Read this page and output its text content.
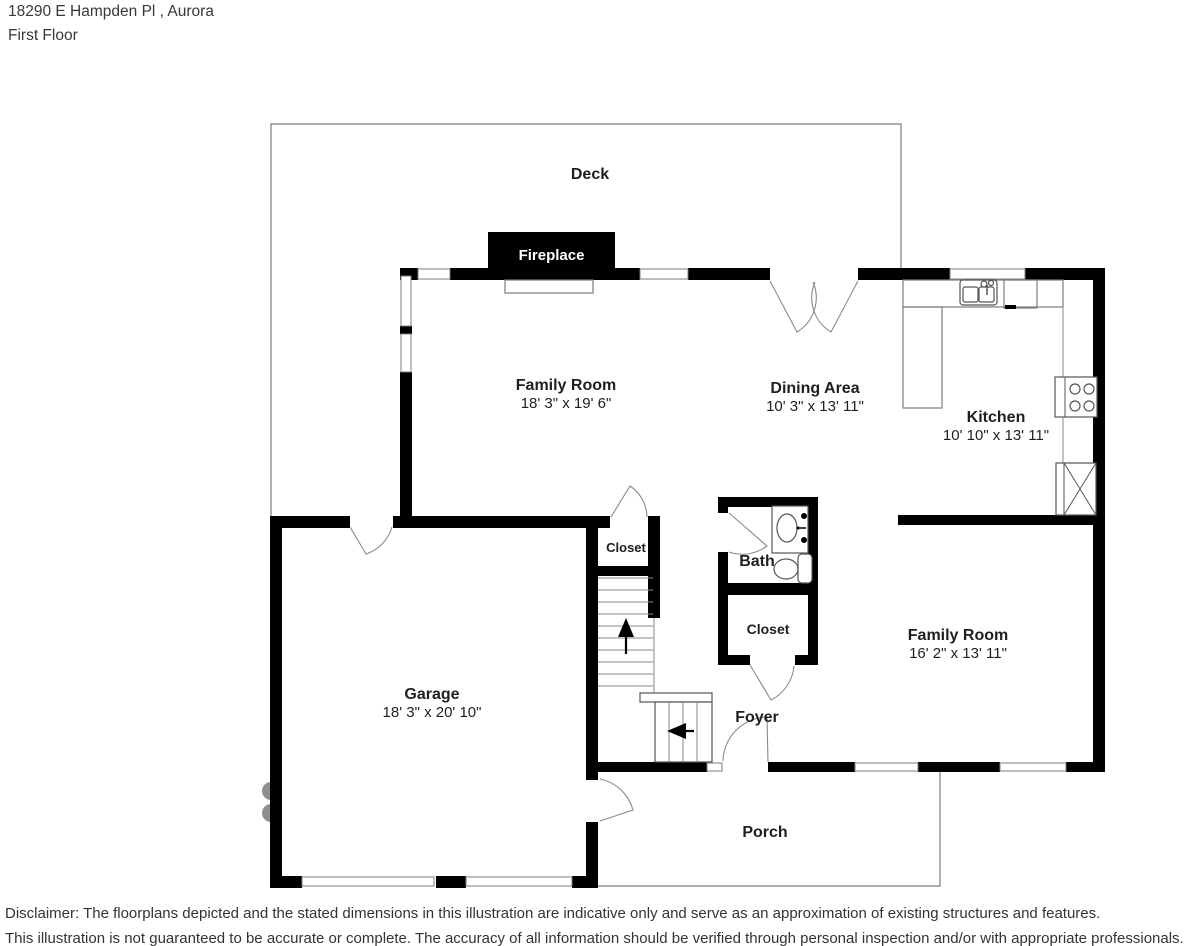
18290 E Hampden Pl , Aurora
First Floor
Fireplace
Deck
Family Room
18' 3" x 19' 6"
Dining Area
10' 3" x 13' 11"
Kitchen
10' 10" x 13' 11"
Closet
Bath
Closet	Family Room
16' 2" x 13' 11"
Garage
18' 3" x 20' 10"	Foyer
Porch
Disclaimer: The floorplans depicted and the stated dimensions in this illustration are indicative only and serve as an approximation of existing structures and features.
This illustration is not guaranteed to be accurate or complete. The accuracy of all information should be verified through personal inspection and/or with appropriate professionals.
